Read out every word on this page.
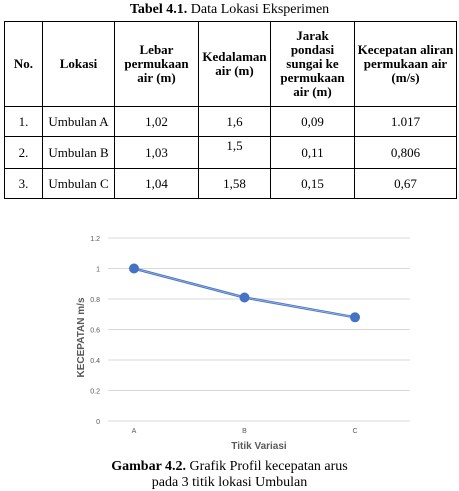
Tabel 4.1. Data Lokasi Eksperimen
No.	Lokasi	Lebar permukaan air (m)	Kedalaman air (m)	Jarak pondasi sungai ke permukaan air (m)	Kecepatan aliran permukaan air (m/s)
1.	Umbulan A	1,02	1,6	0,09	1.017
2.	Umbulan B	1,03	1,5	0,11	0,806
3.	Umbulan C	1,04	1,58	0,15	0,67
0
0.2
0.4
0.6
0.8
1
1.2
A	B	C
Titik Variasi
KECEPATAN m/s
Gambar 4.2. Grafik Profil kecepatan arus
pada 3 titik lokasi Umbulan
